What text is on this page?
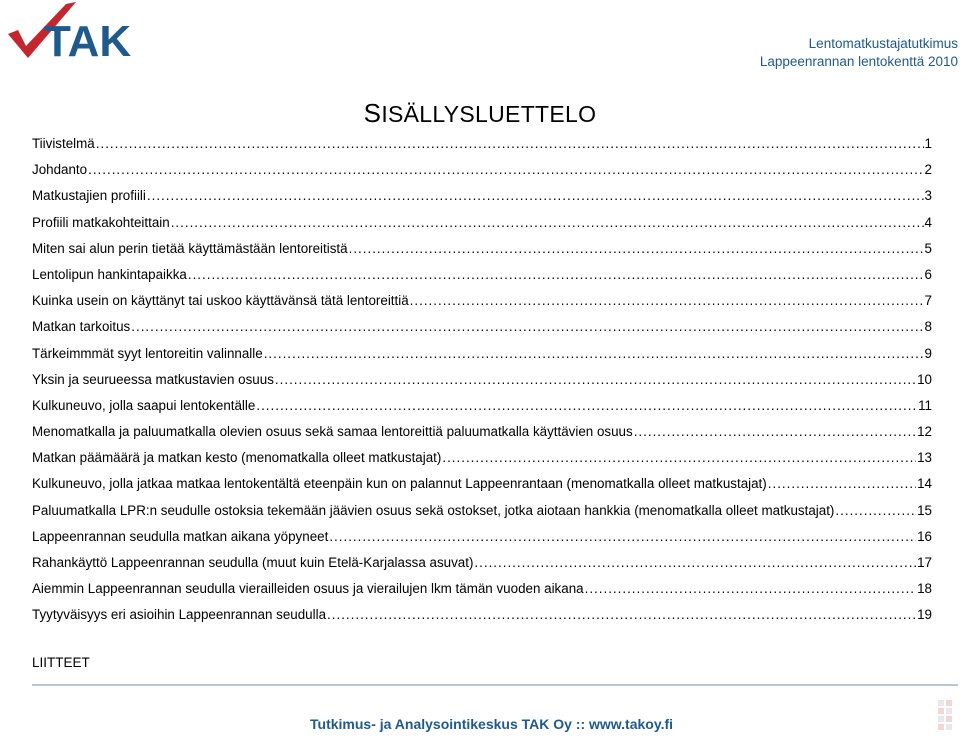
TAK	Lentomatkustajatutkimus
Lappeenrannan lentokenttä 2010
SISÄLLYSLUETTELO
Tiivistelmä .....	1
Johdanto .....	2
Matkustajien profiili .....	3
Profiili matkakohteittain .....	4
Miten sai alun perin tietää käyttämästään lentoreitistä .....	5
Lentolipun hankintapaikka .....	6
Kuinka usein on käyttänyt tai uskoo käyttävänsä tätä lentoreittiä .....	7
Matkan tarkoitus .....	8
Tärkeimmmät syyt lentoreitin valinnalle .....	9
Yksin ja seurueessa matkustavien osuus .....	10
Kulkuneuvo, jolla saapui lentokentälle .....	11
Menomatkalla ja paluumatkalla olevien osuus sekä samaa lentoreittiä paluumatkalla käyttävien osuus .....	12
Matkan päämäärä ja matkan kesto (menomatkalla olleet matkustajat) .....	13
Kulkuneuvo, jolla jatkaa matkaa lentokentältä eteenpäin kun on palannut Lappeenrantaan (menomatkalla olleet matkustajat) .....	14
Paluumatkalla LPR:n seudulle ostoksia tekemään jäävien osuus sekä ostokset, jotka aiotaan hankkia (menomatkalla olleet matkustajat) .....	15
Lappeenrannan seudulla matkan aikana yöpyneet .....	16
Rahankäyttö Lappeenrannan seudulla (muut kuin Etelä-Karjalassa asuvat) .....	17
Aiemmin Lappeenrannan seudulla vierailleiden osuus ja vierailujen lkm tämän vuoden aikana .....	18
Tyytyväisyys eri asioihin Lappeenrannan seudulla .....	19
LIITTEET
Tutkimus- ja Analysointikeskus TAK Oy :: www.takoy.fi
